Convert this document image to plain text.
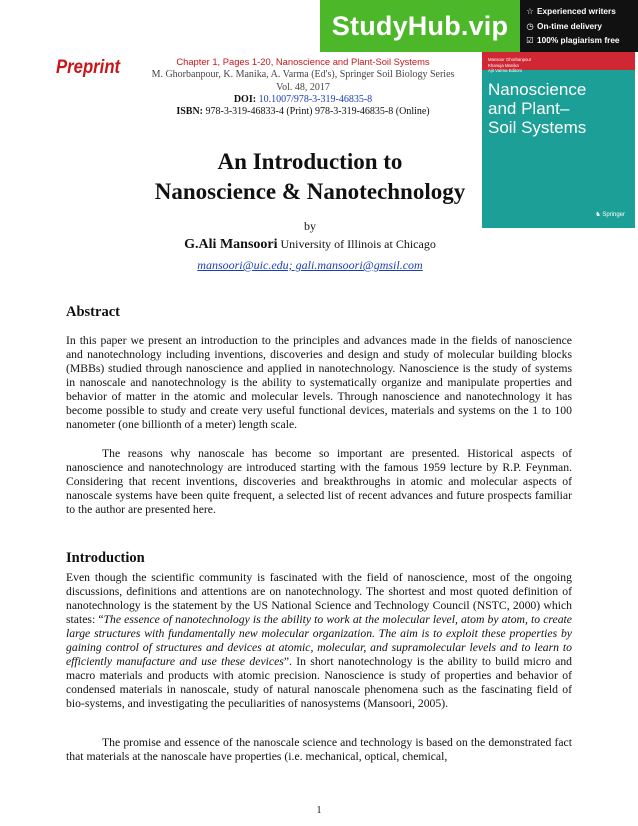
StudyHub.vip	☆ Experienced writers
◷ On-time delivery
☑ 100% plagiarism free
Mansoor Ghorbanpour
Khanuja Manika
Ajit Varma Editors
Nanoscience
and Plant–
Soil Systems
♞ Springer
Preprint	Chapter 1, Pages 1-20, Nanoscience and Plant-Soil Systems
M. Ghorbanpour, K. Manika, A. Varma (Ed's), Springer Soil Biology Series
Vol. 48, 2017
DOI: 10.1007/978-3-319-46835-8
ISBN: 978-3-319-46833-4 (Print) 978-3-319-46835-8 (Online)
An Introduction to
Nanoscience & Nanotechnology
by
G.Ali Mansoori University of Illinois at Chicago
mansoori@uic.edu; gali.mansoori@gmsil.com
Abstract

In this paper we present an introduction to the principles and advances made in the fields of nanoscience and nanotechnology including inventions, discoveries and design and study of molecular building blocks (MBBs) studied through nanoscience and applied in nanotechnology. Nanoscience is the study of systems in nanoscale and nanotechnology is the ability to systematically organize and manipulate properties and behavior of matter in the atomic and molecular levels. Through nanoscience and nanotechnology it has become possible to study and create very useful functional devices, materials and systems on the 1 to 100 nanometer (one billionth of a meter) length scale.

The reasons why nanoscale has become so important are presented. Historical aspects of nanoscience and nanotechnology are introduced starting with the famous 1959 lecture by R.P. Feynman. Considering that recent inventions, discoveries and breakthroughs in atomic and molecular aspects of nanoscale systems have been quite frequent, a selected list of recent advances and future prospects familiar to the author are presented here.

Introduction

Even though the scientific community is fascinated with the field of nanoscience, most of the ongoing discussions, definitions and attentions are on nanotechnology. The shortest and most quoted definition of nanotechnology is the statement by the US National Science and Technology Council (NSTC, 2000) which states: “The essence of nanotechnology is the ability to work at the molecular level, atom by atom, to create large structures with fundamentally new molecular organization. The aim is to exploit these properties by gaining control of structures and devices at atomic, molecular, and supramolecular levels and to learn to efficiently manufacture and use these devices”. In short nanotechnology is the ability to build micro and macro materials and products with atomic precision. Nanoscience is study of properties and behavior of condensed materials in nanoscale, study of natural nanoscale phenomena such as the fascinating field of bio-systems, and investigating the peculiarities of nanosystems (Mansoori, 2005).

The promise and essence of the nanoscale science and technology is based on the demonstrated fact that materials at the nanoscale have properties (i.e. mechanical, optical, chemical,

1
